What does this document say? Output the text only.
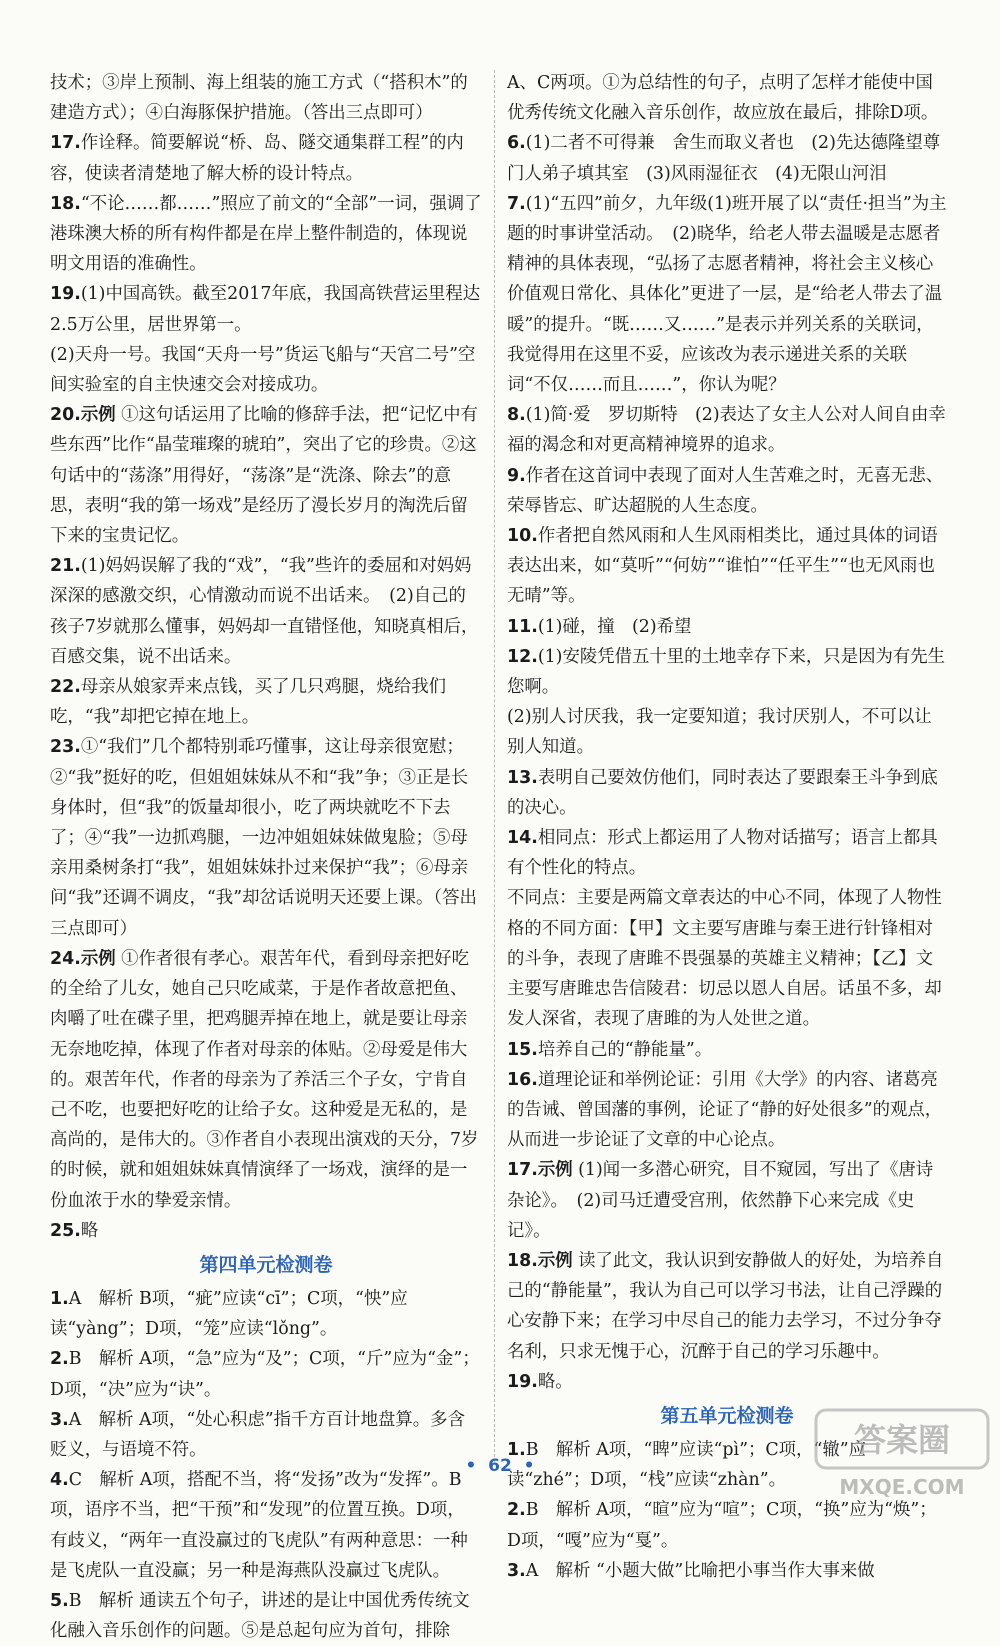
技术；③岸上预制、海上组装的施工方式（“搭积木”的建造方式）；④白海豚保护措施。（答出三点即可）
17.作诠释。简要解说“桥、岛、隧交通集群工程”的内容，使读者清楚地了解大桥的设计特点。
18.“不论……都……”照应了前文的“全部”一词，强调了港珠澳大桥的所有构件都是在岸上整件制造的，体现说明文用语的准确性。
19.(1)中国高铁。截至2017年底，我国高铁营运里程达2.5万公里，居世界第一。
(2)天舟一号。我国“天舟一号”货运飞船与“天宫二号”空间实验室的自主快速交会对接成功。
20.示例 ①这句话运用了比喻的修辞手法，把“记忆中有些东西”比作“晶莹璀璨的琥珀”，突出了它的珍贵。②这句话中的“荡涤”用得好，“荡涤”是“洗涤、除去”的意思，表明“我的第一场戏”是经历了漫长岁月的淘洗后留下来的宝贵记忆。
21.(1)妈妈误解了我的“戏”，“我”些许的委屈和对妈妈深深的感激交织，心情激动而说不出话来。　(2)自己的孩子7岁就那么懂事，妈妈却一直错怪他，知晓真相后，百感交集，说不出话来。
22.母亲从娘家弄来点钱，买了几只鸡腿，烧给我们吃，“我”却把它掉在地上。
23.①“我们”几个都特别乖巧懂事，这让母亲很宽慰；②“我”挺好的吃，但姐姐妹妹从不和“我”争；③正是长身体时，但“我”的饭量却很小，吃了两块就吃不下去了；④“我”一边抓鸡腿，一边冲姐姐妹妹做鬼脸；⑤母亲用桑树条打“我”，姐姐妹妹扑过来保护“我”；⑥母亲问“我”还调不调皮，“我”却岔话说明天还要上课。（答出三点即可）
24.示例 ①作者很有孝心。艰苦年代，看到母亲把好吃的全给了儿女，她自己只吃咸菜，于是作者故意把鱼、肉嚼了吐在碟子里，把鸡腿弄掉在地上，就是要让母亲无奈地吃掉，体现了作者对母亲的体贴。②母爱是伟大的。艰苦年代，作者的母亲为了养活三个子女，宁肯自己不吃，也要把好吃的让给子女。这种爱是无私的，是高尚的，是伟大的。③作者自小表现出演戏的天分，7岁的时候，就和姐姐妹妹真情演绎了一场戏，演绎的是一份血浓于水的挚爱亲情。
25.略
第四单元检测卷
1.A　解析 B项，“疵”应读“cī”；C项，“怏”应读“yàng”；D项，“笼”应读“lǒng”。
2.B　解析 A项，“急”应为“及”；C项，“斤”应为“金”；D项，“决”应为“诀”。
3.A　解析 A项，“处心积虑”指千方百计地盘算。多含贬义，与语境不符。
4.C　解析 A项，搭配不当，将“发扬”改为“发挥”。B项，语序不当，把“干预”和“发现”的位置互换。D项，有歧义，“两年一直没赢过的飞虎队”有两种意思：一种是飞虎队一直没赢；另一种是海燕队没赢过飞虎队。
5.B　解析 通读五个句子，讲述的是让中国优秀传统文化融入音乐创作的问题。⑤是总起句应为首句，排除
A、C两项。①为总结性的句子，点明了怎样才能使中国优秀传统文化融入音乐创作，故应放在最后，排除D项。
6.(1)二者不可得兼　舍生而取义者也　(2)先达德隆望尊　门人弟子填其室　(3)风雨湿征衣　(4)无限山河泪
7.(1)“五四”前夕，九年级(1)班开展了以“责任·担当”为主题的时事讲堂活动。　(2)晓华，给老人带去温暖是志愿者精神的具体表现，“弘扬了志愿者精神，将社会主义核心价值观日常化、具体化”更进了一层，是“给老人带去了温暖”的提升。“既……又……”是表示并列关系的关联词，我觉得用在这里不妥，应该改为表示递进关系的关联词“不仅……而且……”，你认为呢？
8.(1)简·爱　罗切斯特　(2)表达了女主人公对人间自由幸福的渴念和对更高精神境界的追求。
9.作者在这首词中表现了面对人生苦难之时，无喜无悲、荣辱皆忘、旷达超脱的人生态度。
10.作者把自然风雨和人生风雨相类比，通过具体的词语表达出来，如“莫听”“何妨”“谁怕”“任平生”“也无风雨也无晴”等。
11.(1)碰，撞　(2)希望
12.(1)安陵凭借五十里的土地幸存下来，只是因为有先生您啊。
(2)别人讨厌我，我一定要知道；我讨厌别人，不可以让别人知道。
13.表明自己要效仿他们，同时表达了要跟秦王斗争到底的决心。
14.相同点：形式上都运用了人物对话描写；语言上都具有个性化的特点。
不同点：主要是两篇文章表达的中心不同，体现了人物性格的不同方面：【甲】文主要写唐雎与秦王进行针锋相对的斗争，表现了唐雎不畏强暴的英雄主义精神；【乙】文主要写唐雎忠告信陵君：切忌以恩人自居。话虽不多，却发人深省，表现了唐雎的为人处世之道。
15.培养自己的“静能量”。
16.道理论证和举例论证：引用《大学》的内容、诸葛亮的告诫、曾国藩的事例，论证了“静的好处很多”的观点，从而进一步论证了文章的中心论点。
17.示例 (1)闻一多潜心研究，目不窥园，写出了《唐诗杂论》。　(2)司马迁遭受宫刑，依然静下心来完成《史记》。
18.示例 读了此文，我认识到安静做人的好处，为培养自己的“静能量”，我认为自己可以学习书法，让自己浮躁的心安静下来；在学习中尽自己的能力去学习，不过分争夺名利，只求无愧于心，沉醉于自己的学习乐趣中。
19.略。
第五单元检测卷
1.B　解析 A项，“睥”应读“pì”；C项，“辙”应读“zhé”；D项，“栈”应读“zhàn”。
2.B　解析 A项，“暄”应为“喧”；C项，“换”应为“焕”；D项，“嘎”应为“戛”。
3.A　解析 “小题大做”比喻把小事当作大事来做
• 62 •
答案圈
MXQE.COM
